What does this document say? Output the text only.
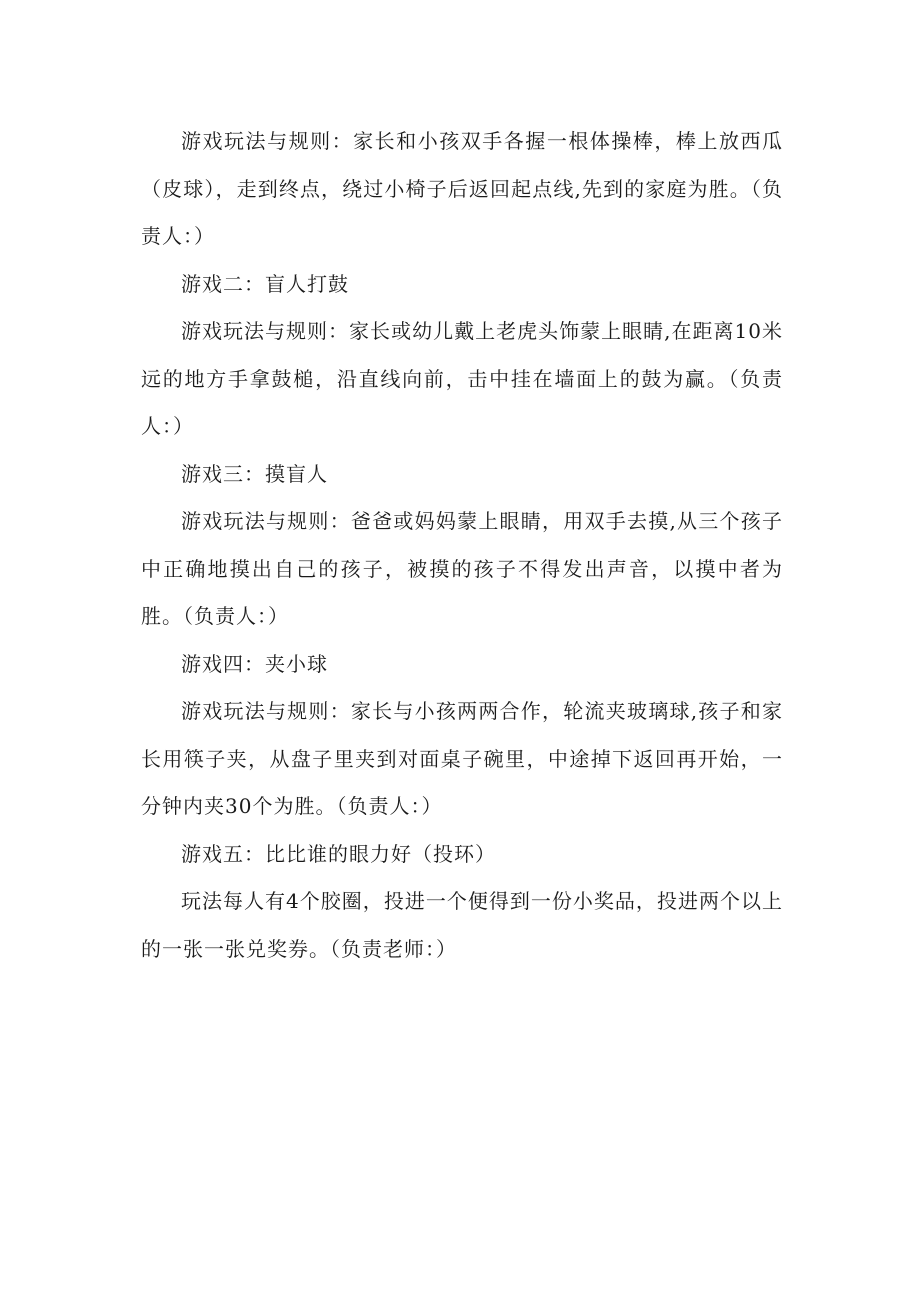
游戏玩法与规则：家长和小孩双手各握一根体操棒，棒上放西瓜（皮球），走到终点，绕过小椅子后返回起点线,先到的家庭为胜。（负责人：）

游戏二：盲人打鼓

游戏玩法与规则：家长或幼儿戴上老虎头饰蒙上眼睛,在距离10米远的地方手拿鼓槌，沿直线向前，击中挂在墙面上的鼓为赢。（负责人：）

游戏三：摸盲人

游戏玩法与规则：爸爸或妈妈蒙上眼睛，用双手去摸,从三个孩子中正确地摸出自己的孩子，被摸的孩子不得发出声音，以摸中者为胜。（负责人：）

游戏四：夹小球

游戏玩法与规则：家长与小孩两两合作，轮流夹玻璃球,孩子和家长用筷子夹，从盘子里夹到对面桌子碗里，中途掉下返回再开始，一分钟内夹30个为胜。（负责人：）

游戏五：比比谁的眼力好（投环）

玩法每人有4个胶圈，投进一个便得到一份小奖品，投进两个以上的一张一张兑奖券。（负责老师：）
